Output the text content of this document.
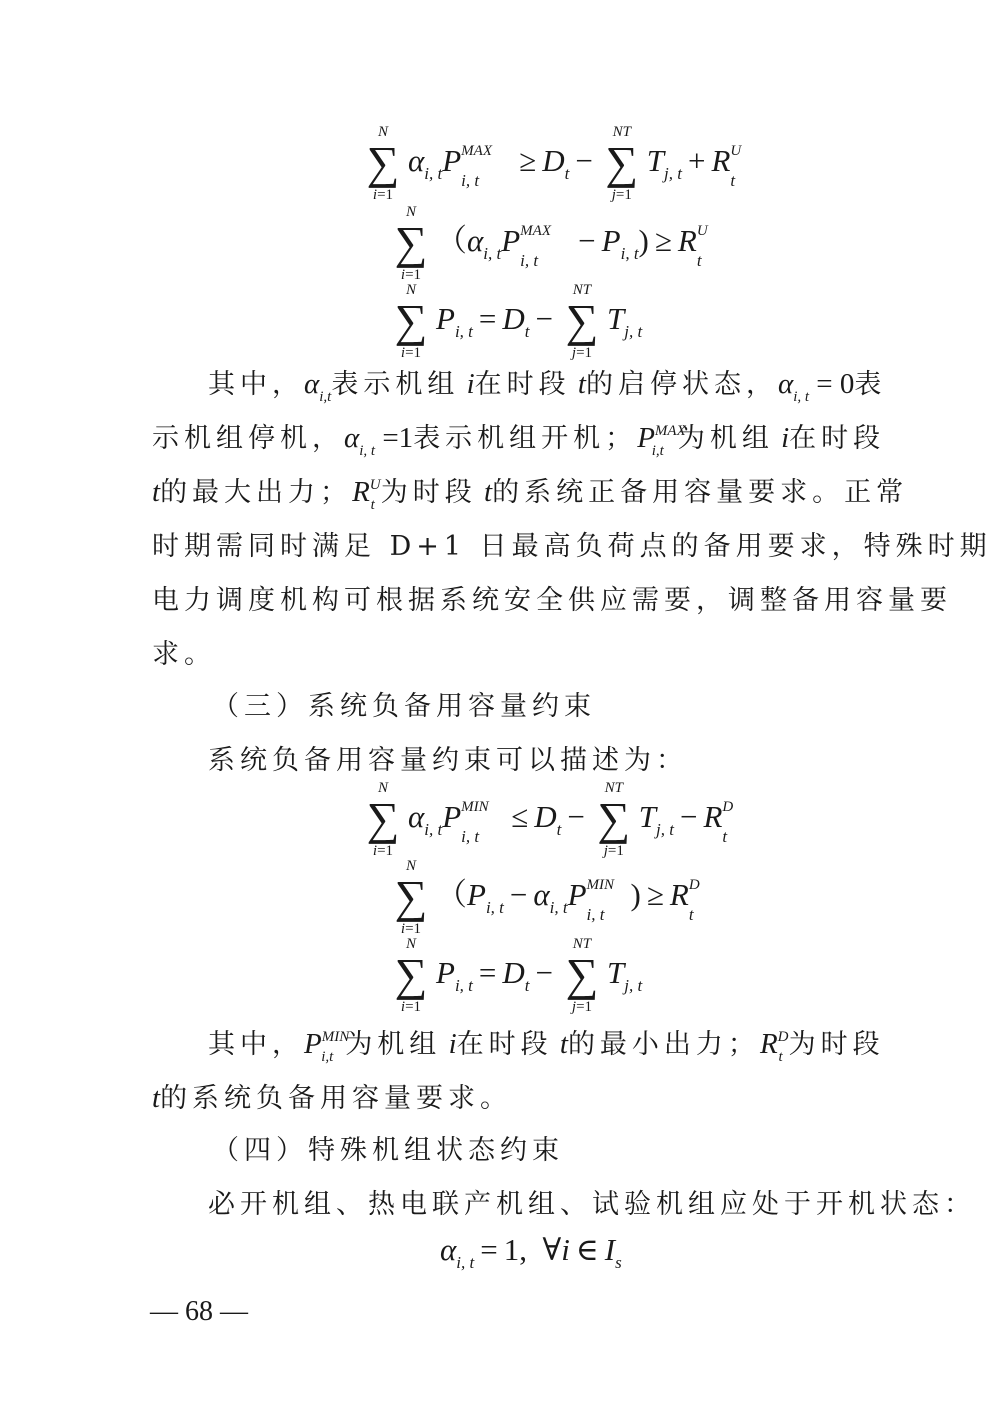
N
∑
i=1
$\alpha_{i, t}P$ MAX
i, t
≥ $D_t$ −
NT
∑
j=1
$T_{j, t} + R$ U
t
N
∑
i=1
（$\alpha_{i, t}P$ MAX
i, t
− $P_{i, t}) \ge R$ U
t
N
∑
i=1
$P_{i, t} = D_t$ −
NT
∑
j=1
$T_{j, t}$
其中，$\alpha_{i,t}$表示机组 i在时段 t的启停状态，$\alpha_{i, t} = 0$表
示机组停机，$\alpha_{i, t} =1$表示机组开机；$P^{MAX}_{i,t}$ 为机组 i在时段
t的最大出力；$R^U_t$ 为时段 t的系统正备用容量要求。正常
时期需同时满足 D+1 日最高负荷点的备用要求，特殊时期
电力调度机构可根据系统安全供应需要，调整备用容量要
求。
（三）系统负备用容量约束
系统负备用容量约束可以描述为：
N
∑
i=1
$\alpha_{i, t}P$ MIN
i, t
≤ $D_t$ −
NT
∑
j=1
$T_{j, t} - R$ D
t
N
∑
i=1
（$P_{i, t} - \alpha_{i, t}P$ MIN
i, t
) ≥ R D
t
N
∑
i=1
$P_{i, t} = D_t$ −
NT
∑
j=1
$T_{j, t}$
其中，$P^{MIN}_{i,t}$ 为机组 i在时段 t的最小出力；$R^D_t$ 为时段
t的系统负备用容量要求。
（四）特殊机组状态约束
必开机组、热电联产机组、试验机组应处于开机状态：
$\alpha_{i, t} = 1$,  ∀i ∈ $I_s$
— 68 —
